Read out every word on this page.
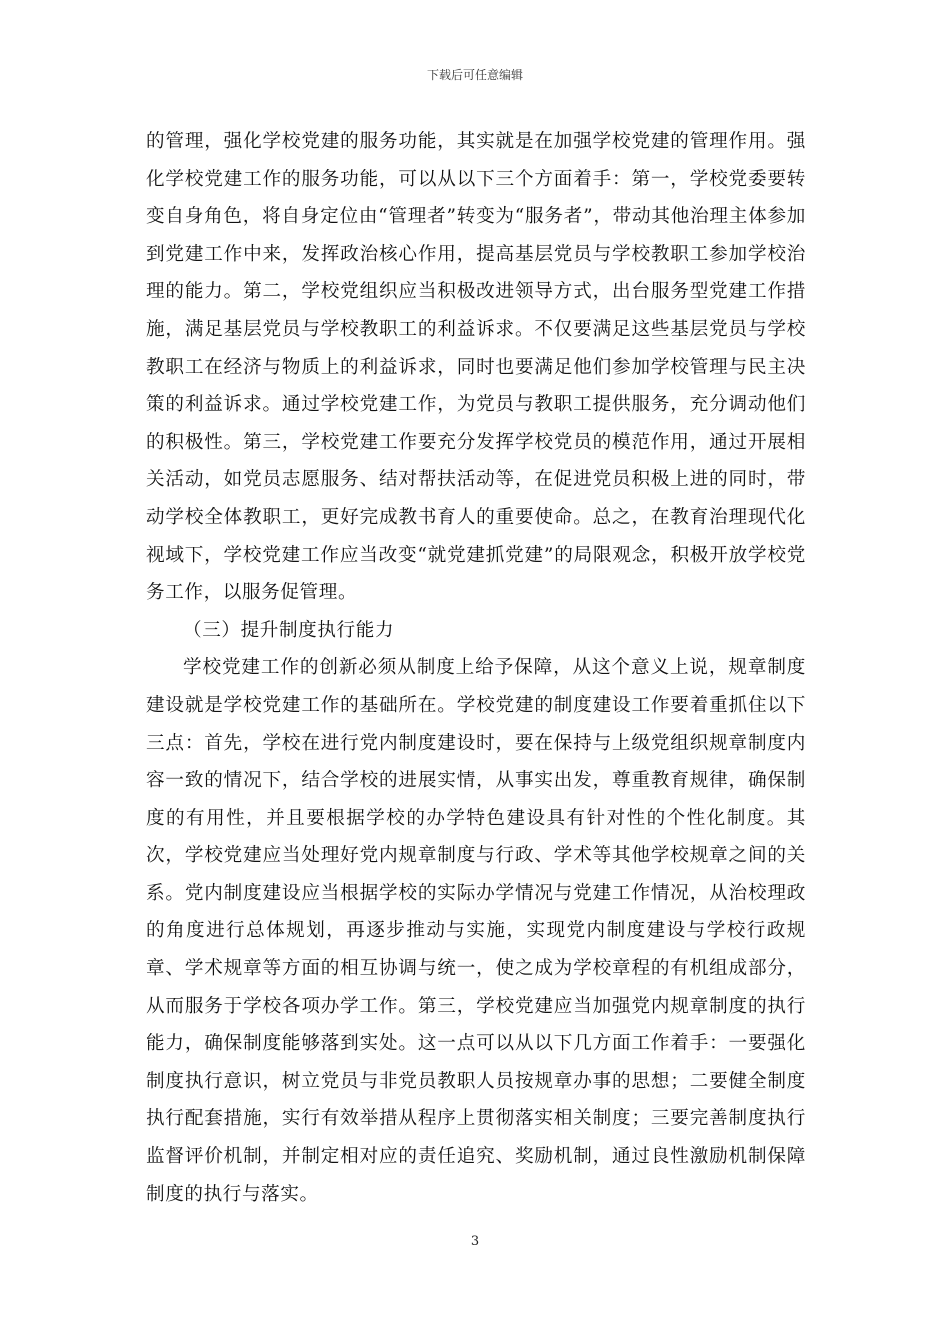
下载后可任意编辑

的管理，强化学校党建的服务功能，其实就是在加强学校党建的管理作用。强化学校党建工作的服务功能，可以从以下三个方面着手：第一，学校党委要转变自身角色，将自身定位由“管理者”转变为“服务者”，带动其他治理主体参加到党建工作中来，发挥政治核心作用，提高基层党员与学校教职工参加学校治理的能力。第二，学校党组织应当积极改进领导方式，出台服务型党建工作措施，满足基层党员与学校教职工的利益诉求。不仅要满足这些基层党员与学校教职工在经济与物质上的利益诉求，同时也要满足他们参加学校管理与民主决策的利益诉求。通过学校党建工作，为党员与教职工提供服务，充分调动他们的积极性。第三，学校党建工作要充分发挥学校党员的模范作用，通过开展相关活动，如党员志愿服务、结对帮扶活动等，在促进党员积极上进的同时，带动学校全体教职工，更好完成教书育人的重要使命。总之，在教育治理现代化视域下，学校党建工作应当改变“就党建抓党建”的局限观念，积极开放学校党务工作，以服务促管理。

（三）提升制度执行能力

学校党建工作的创新必须从制度上给予保障，从这个意义上说，规章制度建设就是学校党建工作的基础所在。学校党建的制度建设工作要着重抓住以下三点：首先，学校在进行党内制度建设时，要在保持与上级党组织规章制度内容一致的情况下，结合学校的进展实情，从事实出发，尊重教育规律，确保制度的有用性，并且要根据学校的办学特色建设具有针对性的个性化制度。其次，学校党建应当处理好党内规章制度与行政、学术等其他学校规章之间的关系。党内制度建设应当根据学校的实际办学情况与党建工作情况，从治校理政的角度进行总体规划，再逐步推动与实施，实现党内制度建设与学校行政规章、学术规章等方面的相互协调与统一，使之成为学校章程的有机组成部分，从而服务于学校各项办学工作。第三，学校党建应当加强党内规章制度的执行能力，确保制度能够落到实处。这一点可以从以下几方面工作着手：一要强化制度执行意识，树立党员与非党员教职人员按规章办事的思想；二要健全制度执行配套措施，实行有效举措从程序上贯彻落实相关制度；三要完善制度执行监督评价机制，并制定相对应的责任追究、奖励机制，通过良性激励机制保障制度的执行与落实。

3
